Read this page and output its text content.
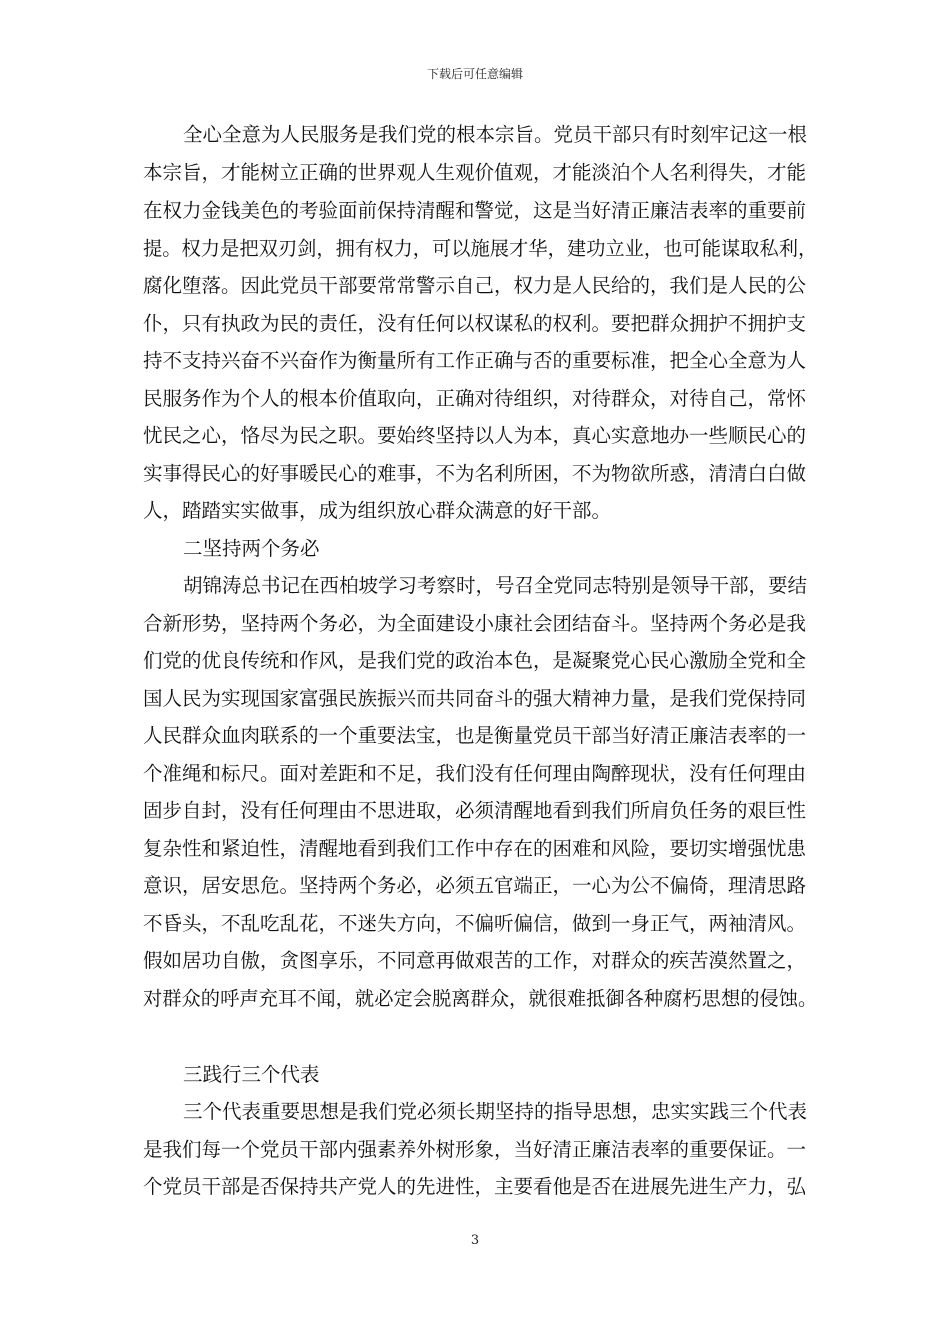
下载后可任意编辑
全心全意为人民服务是我们党的根本宗旨。党员干部只有时刻牢记这一根
本宗旨，才能树立正确的世界观人生观价值观，才能淡泊个人名利得失，才能
在权力金钱美色的考验面前保持清醒和警觉，这是当好清正廉洁表率的重要前
提。权力是把双刃剑，拥有权力，可以施展才华，建功立业，也可能谋取私利，
腐化堕落。因此党员干部要常常警示自己，权力是人民给的，我们是人民的公
仆，只有执政为民的责任，没有任何以权谋私的权利。要把群众拥护不拥护支
持不支持兴奋不兴奋作为衡量所有工作正确与否的重要标准，把全心全意为人
民服务作为个人的根本价值取向，正确对待组织，对待群众，对待自己，常怀
忧民之心，恪尽为民之职。要始终坚持以人为本，真心实意地办一些顺民心的
实事得民心的好事暖民心的难事，不为名利所困，不为物欲所惑，清清白白做
人，踏踏实实做事，成为组织放心群众满意的好干部。
二坚持两个务必
胡锦涛总书记在西柏坡学习考察时，号召全党同志特别是领导干部，要结
合新形势，坚持两个务必，为全面建设小康社会团结奋斗。坚持两个务必是我
们党的优良传统和作风，是我们党的政治本色，是凝聚党心民心激励全党和全
国人民为实现国家富强民族振兴而共同奋斗的强大精神力量，是我们党保持同
人民群众血肉联系的一个重要法宝，也是衡量党员干部当好清正廉洁表率的一
个准绳和标尺。面对差距和不足，我们没有任何理由陶醉现状，没有任何理由
固步自封，没有任何理由不思进取，必须清醒地看到我们所肩负任务的艰巨性
复杂性和紧迫性，清醒地看到我们工作中存在的困难和风险，要切实增强忧患
意识，居安思危。坚持两个务必，必须五官端正，一心为公不偏倚，理清思路
不昏头，不乱吃乱花，不迷失方向，不偏听偏信，做到一身正气，两袖清风。
假如居功自傲，贪图享乐，不同意再做艰苦的工作，对群众的疾苦漠然置之，
对群众的呼声充耳不闻，就必定会脱离群众，就很难抵御各种腐朽思想的侵蚀。
三践行三个代表
三个代表重要思想是我们党必须长期坚持的指导思想，忠实实践三个代表
是我们每一个党员干部内强素养外树形象，当好清正廉洁表率的重要保证。一
个党员干部是否保持共产党人的先进性，主要看他是否在进展先进生产力，弘
3
